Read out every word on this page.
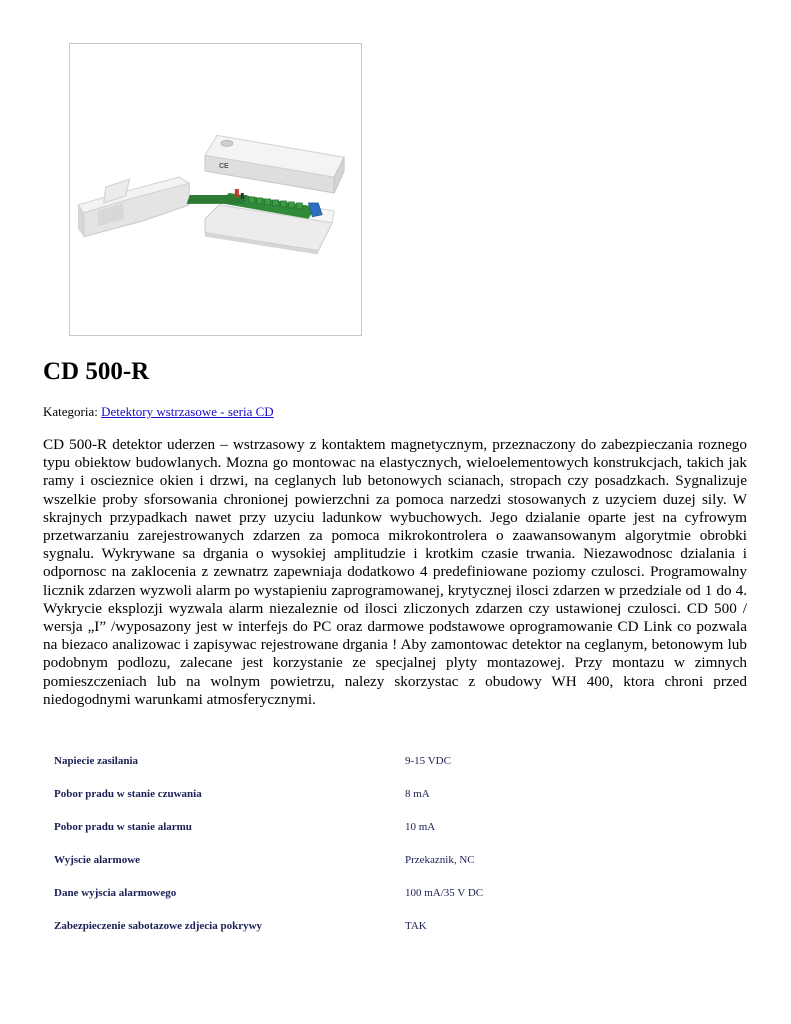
CE
CD 500-R
Kategoria: Detektory wstrzasowe - seria CD

CD 500-R detektor uderzen – wstrzasowy z kontaktem magnetycznym, przeznaczony do zabezpieczania roznego typu obiektow budowlanych. Mozna go montowac na elastycznych, wieloelementowych konstrukcjach, takich jak ramy i oscieznice okien i drzwi, na ceglanych lub betonowych scianach, stropach czy posadzkach. Sygnalizuje wszelkie proby sforsowania chronionej powierzchni za pomoca narzedzi stosowanych z uzyciem duzej sily. W skrajnych przypadkach nawet przy uzyciu ladunkow wybuchowych. Jego dzialanie oparte jest na cyfrowym przetwarzaniu zarejestrowanych zdarzen za pomoca mikrokontrolera o zaawansowanym algorytmie obrobki sygnalu. Wykrywane sa drgania o wysokiej amplitudzie i krotkim czasie trwania. Niezawodnosc dzialania i odpornosc na zaklocenia z zewnatrz zapewniaja dodatkowo 4 predefiniowane poziomy czulosci. Programowalny licznik zdarzen wyzwoli alarm po wystapieniu zaprogramowanej, krytycznej ilosci zdarzen w przedziale od 1 do 4. Wykrycie eksplozji wyzwala alarm niezaleznie od ilosci zliczonych zdarzen czy ustawionej czulosci. CD 500 / wersja „I” /wyposazony jest w interfejs do PC oraz darmowe podstawowe oprogramowanie CD Link co pozwala na biezaco analizowac i zapisywac rejestrowane drgania ! Aby zamontowac detektor na ceglanym, betonowym lub podobnym podlozu, zalecane jest korzystanie ze specjalnej plyty montazowej. Przy montazu w zimnych pomieszczeniach lub na wolnym powietrzu, nalezy skorzystac z obudowy WH 400, ktora chroni przed niedogodnymi warunkami atmosferycznymi.

Napiecie zasilania	9-15 VDC
Pobor pradu w stanie czuwania	8 mA
Pobor pradu w stanie alarmu	10 mA
Wyjscie alarmowe	Przekaznik, NC
Dane wyjscia alarmowego	100 mA/35 V DC
Zabezpieczenie sabotazowe zdjecia pokrywy	TAK
